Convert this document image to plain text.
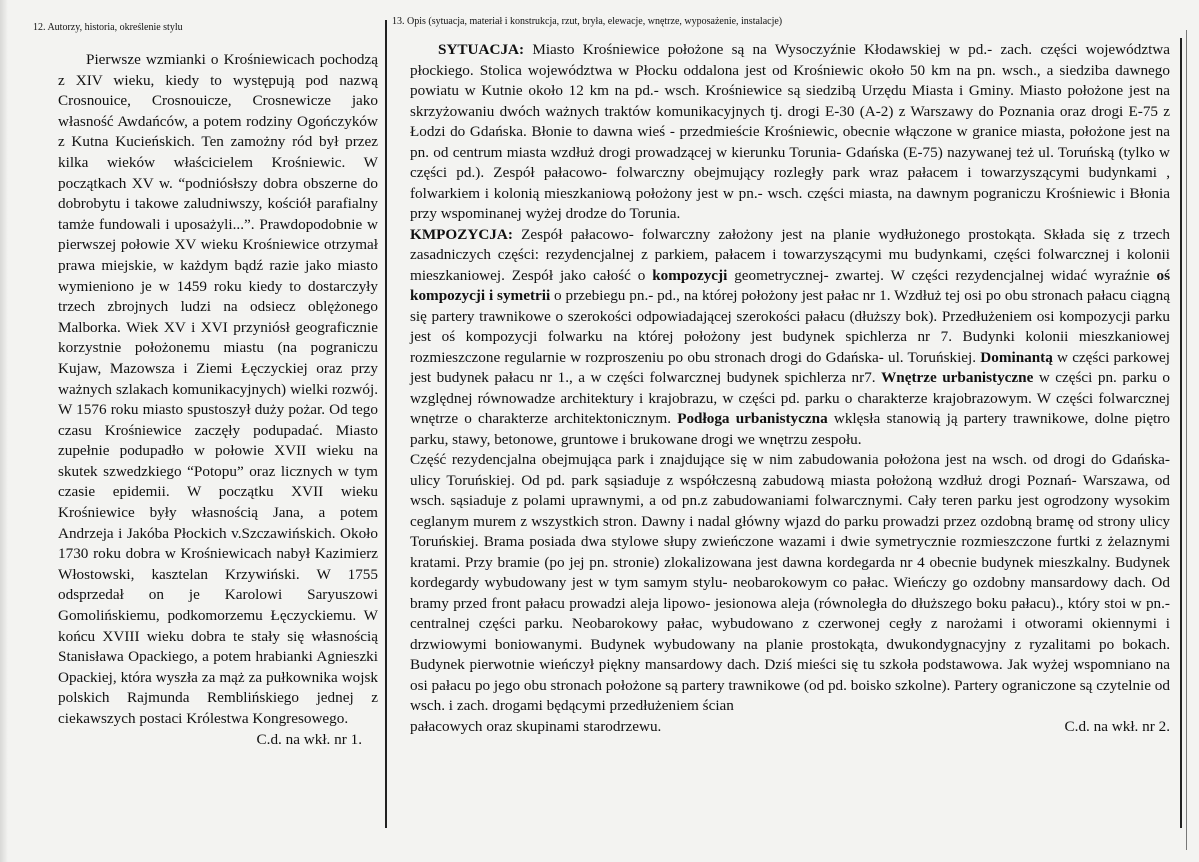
12. Autorzy, historia, określenie stylu
13. Opis (sytuacja, materiał i konstrukcja, rzut, bryła, elewacje, wnętrze, wyposażenie, instalacje)

Pierwsze wzmianki o Krośniewicach pochodzą z XIV wieku, kiedy to występują pod nazwą Crosnouice, Crosnouicze, Crosnewicze jako własność Awdańców, a potem rodziny Ogończyków z Kutna Kucieńskich. Ten zamożny ród był przez kilka wieków właścicielem Krośniewic. W początkach XV w. “podniósłszy dobra obszerne do dobrobytu i takowe zaludniwszy, kościół parafialny tamże fundowali i uposażyli...”. Prawdopodobnie w pierwszej połowie XV wieku Krośniewice otrzymał prawa miejskie, w każdym bądź razie jako miasto wymieniono je w 1459 roku kiedy to dostarczyły trzech zbrojnych ludzi na odsiecz oblężonego Malborka. Wiek XV i XVI przyniósł geograficznie korzystnie położonemu miastu (na pograniczu Kujaw, Mazowsza i Ziemi Łęczyckiej oraz przy ważnych szlakach komunikacyjnych) wielki rozwój. W 1576 roku miasto spustoszył duży pożar. Od tego czasu Krośniewice zaczęły podupadać. Miasto zupełnie podupadło w połowie XVII wieku na skutek szwedzkiego “Potopu” oraz licznych w tym czasie epidemii. W początku XVII wieku Krośniewice były własnością Jana, a potem Andrzeja i Jakóba Płockich v.Szczawińskich. Około 1730 roku dobra w Krośniewicach nabył Kazimierz Włostowski, kasztelan Krzywiński. W 1755 odsprzedał on je Karolowi Saryuszowi Gomolińskiemu, podkomorzemu Łęczyckiemu. W końcu XVIII wieku dobra te stały się własnością Stanisława Opackiego, a potem hrabianki Agnieszki Opackiej, która wyszła za mąż za pułkownika wojsk polskich Rajmunda Remblińskiego jednej z ciekawszych postaci Królestwa Kongresowego.

C.d. na wkł. nr 1.

SYTUACJA: Miasto Krośniewice położone są na Wysoczyźnie Kłodawskiej w pd.- zach. części województwa płockiego. Stolica województwa w Płocku oddalona jest od Krośniewic około 50 km na pn. wsch., a siedziba dawnego powiatu w Kutnie około 12 km na pd.- wsch. Krośniewice są siedzibą Urzędu Miasta i Gminy. Miasto położone jest na skrzyżowaniu dwóch ważnych traktów komunikacyjnych tj. drogi E-30 (A-2) z Warszawy do Poznania oraz drogi E-75 z Łodzi do Gdańska. Błonie to dawna wieś - przedmieście Krośniewic, obecnie włączone w granice miasta, położone jest na pn. od centrum miasta wzdłuż drogi prowadzącej w kierunku Torunia- Gdańska (E-75) nazywanej też ul. Toruńską (tylko w części pd.). Zespół pałacowo- folwarczny obejmujący rozległy park wraz pałacem i towarzyszącymi budynkami , folwarkiem i kolonią mieszkaniową położony jest w pn.- wsch. części miasta, na dawnym pograniczu Krośniewic i Błonia przy wspominanej wyżej drodze do Torunia.

KMPOZYCJA: Zespół pałacowo- folwarczny założony jest na planie wydłużonego prostokąta. Składa się z trzech zasadniczych części: rezydencjalnej z parkiem, pałacem i towarzyszącymi mu budynkami, części folwarcznej i kolonii mieszkaniowej. Zespół jako całość o kompozycji geometrycznej- zwartej. W części rezydencjalnej widać wyraźnie oś kompozycji i symetrii o przebiegu pn.- pd., na której położony jest pałac nr 1. Wzdłuż tej osi po obu stronach pałacu ciągną się partery trawnikowe o szerokości odpowiadającej szerokości pałacu (dłuższy bok). Przedłużeniem osi kompozycji parku jest oś kompozycji folwarku na której położony jest budynek spichlerza nr 7. Budynki kolonii mieszkaniowej rozmieszczone regularnie w rozproszeniu po obu stronach drogi do Gdańska- ul. Toruńskiej. Dominantą w części parkowej jest budynek pałacu nr 1., a w części folwarcznej budynek spichlerza nr7. Wnętrze urbanistyczne w części pn. parku o względnej równowadze architektury i krajobrazu, w części pd. parku o charakterze krajobrazowym. W części folwarcznej wnętrze o charakterze architektonicznym. Podłoga urbanistyczna wklęsła stanowią ją partery trawnikowe, dolne piętro parku, stawy, betonowe, gruntowe i brukowane drogi we wnętrzu zespołu.

Część rezydencjalna obejmująca park i znajdujące się w nim zabudowania położona jest na wsch. od drogi do Gdańska- ulicy Toruńskiej. Od pd. park sąsiaduje z współczesną zabudową miasta położoną wzdłuż drogi Poznań- Warszawa, od wsch. sąsiaduje z polami uprawnymi, a od pn.z zabudowaniami folwarcznymi. Cały teren parku jest ogrodzony wysokim ceglanym murem z wszystkich stron. Dawny i nadal główny wjazd do parku prowadzi przez ozdobną bramę od strony ulicy Toruńskiej. Brama posiada dwa stylowe słupy zwieńczone wazami i dwie symetrycznie rozmieszczone furtki z żelaznymi kratami. Przy bramie (po jej pn. stronie) zlokalizowana jest dawna kordegarda nr 4 obecnie budynek mieszkalny. Budynek kordegardy wybudowany jest w tym samym stylu- neobarokowym co pałac. Wieńczy go ozdobny mansardowy dach. Od bramy przed front pałacu prowadzi aleja lipowo- jesionowa aleja (równoległa do dłuższego boku pałacu)., który stoi w pn.- centralnej części parku. Neobarokowy pałac, wybudowano z czerwonej cegły z narożami i otworami okiennymi i drzwiowymi boniowanymi. Budynek wybudowany na planie prostokąta, dwukondygnacyjny z ryzalitami po bokach. Budynek pierwotnie wieńczył piękny mansardowy dach. Dziś mieści się tu szkoła podstawowa. Jak wyżej wspomniano na osi pałacu po jego obu stronach położone są partery trawnikowe (od pd. boisko szkolne). Partery ograniczone są czytelnie od wsch. i zach. drogami będącymi przedłużeniem ścian

pałacowych oraz skupinami starodrzewu.	C.d. na wkł. nr 2.
